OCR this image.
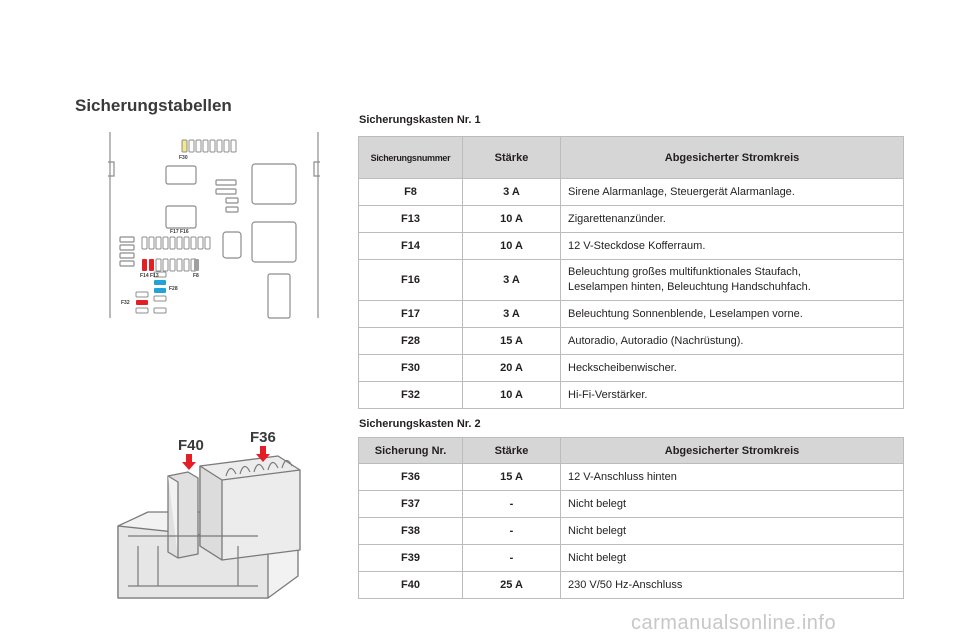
Sicherungstabellen
F30
F17 F16
F14 F13	F8
F28
F32
F40	F36
Sicherungskasten Nr. 1
Sicherungsnummer	Stärke	Abgesicherter Stromkreis
F8	3 A	Sirene Alarmanlage, Steuergerät Alarmanlage.
F13	10 A	Zigarettenanzünder.
F14	10 A	12 V-Steckdose Kofferraum.
F16	3 A	Beleuchtung großes multifunktionales Staufach,
Leselampen hinten, Beleuchtung Handschuhfach.

F17	3 A	Beleuchtung Sonnenblende, Leselampen vorne.
F28	15 A	Autoradio, Autoradio (Nachrüstung).
F30	20 A	Heckscheibenwischer.
F32	10 A	Hi-Fi-Verstärker.
Sicherungskasten Nr. 2
Sicherung Nr.	Stärke	Abgesicherter Stromkreis
F36	15 A	12 V-Anschluss hinten
F37	-	Nicht belegt
F38	-	Nicht belegt
F39	-	Nicht belegt
F40	25 A	230 V/50 Hz-Anschluss
carmanualsonline.info
